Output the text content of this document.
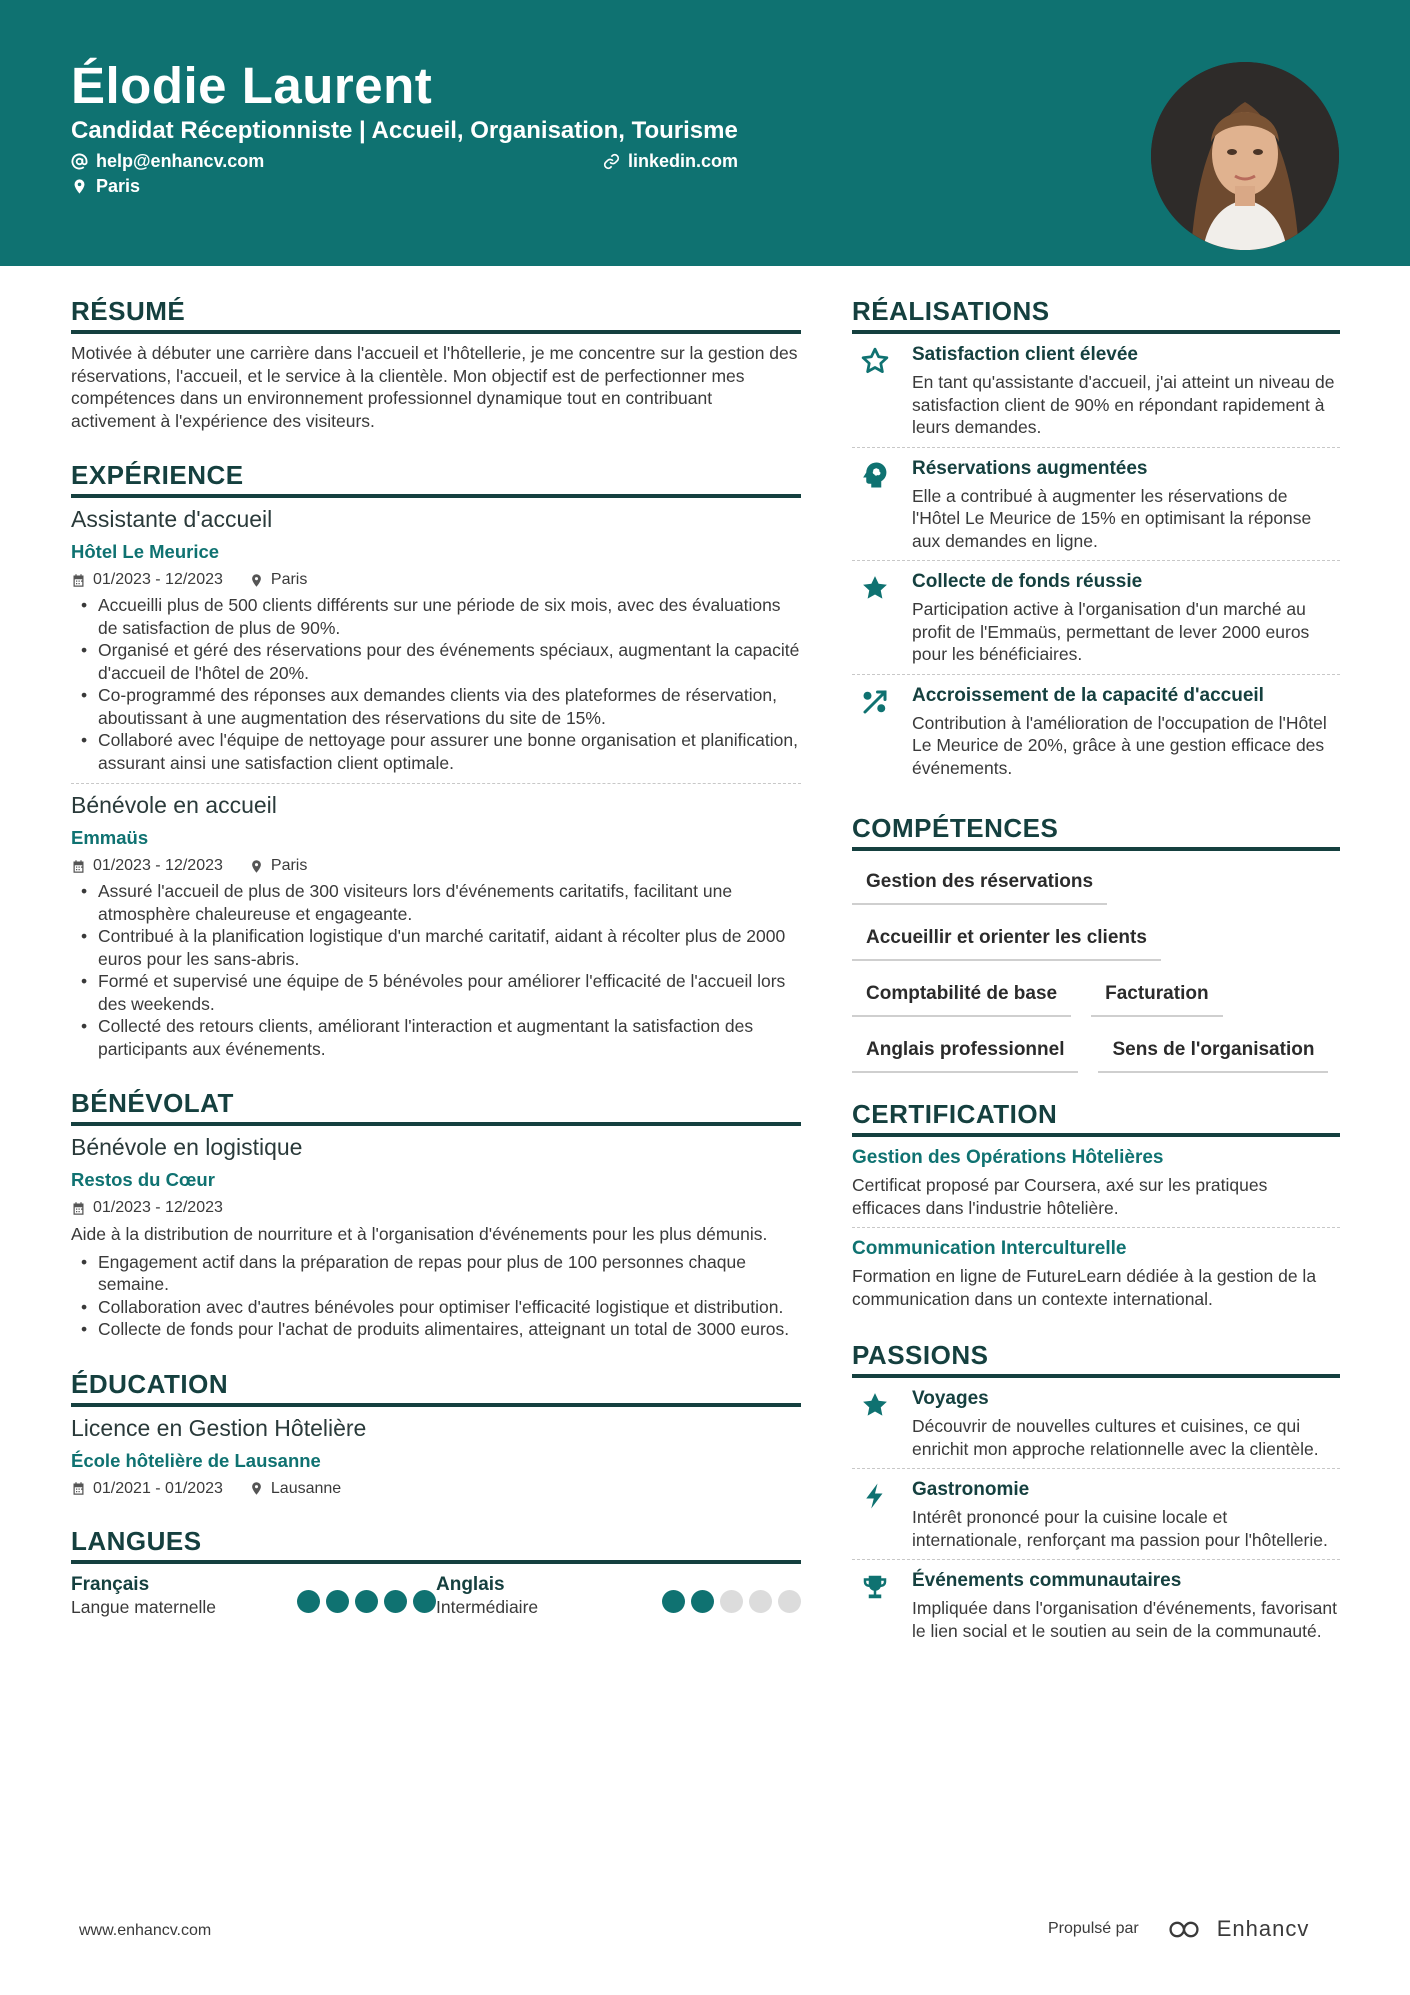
Élodie Laurent
Candidat Réceptionniste | Accueil, Organisation, Tourisme
help@enhancv.com	linkedin.com
Paris
RÉSUMÉ
Motivée à débuter une carrière dans l'accueil et l'hôtellerie, je me concentre sur la gestion des réservations, l'accueil, et le service à la clientèle. Mon objectif est de perfectionner mes compétences dans un environnement professionnel dynamique tout en contribuant activement à l'expérience des visiteurs.
EXPÉRIENCE
Assistante d'accueil
Hôtel Le Meurice
01/2023 - 12/2023	Paris
• Accueilli plus de 500 clients différents sur une période de six mois, avec des évaluations de satisfaction de plus de 90%.
• Organisé et géré des réservations pour des événements spéciaux, augmentant la capacité d'accueil de l'hôtel de 20%.
• Co-programmé des réponses aux demandes clients via des plateformes de réservation, aboutissant à une augmentation des réservations du site de 15%.
• Collaboré avec l'équipe de nettoyage pour assurer une bonne organisation et planification, assurant ainsi une satisfaction client optimale.
Bénévole en accueil
Emmaüs
01/2023 - 12/2023	Paris
• Assuré l'accueil de plus de 300 visiteurs lors d'événements caritatifs, facilitant une atmosphère chaleureuse et engageante.
• Contribué à la planification logistique d'un marché caritatif, aidant à récolter plus de 2000 euros pour les sans-abris.
• Formé et supervisé une équipe de 5 bénévoles pour améliorer l'efficacité de l'accueil lors des weekends.
• Collecté des retours clients, améliorant l'interaction et augmentant la satisfaction des participants aux événements.
BÉNÉVOLAT
Bénévole en logistique
Restos du Cœur
01/2023 - 12/2023
Aide à la distribution de nourriture et à l'organisation d'événements pour les plus démunis.
• Engagement actif dans la préparation de repas pour plus de 100 personnes chaque semaine.
• Collaboration avec d'autres bénévoles pour optimiser l'efficacité logistique et distribution.
• Collecte de fonds pour l'achat de produits alimentaires, atteignant un total de 3000 euros.
ÉDUCATION
Licence en Gestion Hôtelière
École hôtelière de Lausanne
01/2021 - 01/2023	Lausanne
LANGUES
Français
Langue maternelle
Anglais
Intermédiaire
RÉALISATIONS
Satisfaction client élevée
En tant qu'assistante d'accueil, j'ai atteint un niveau de satisfaction client de 90% en répondant rapidement à leurs demandes.
Réservations augmentées
Elle a contribué à augmenter les réservations de l'Hôtel Le Meurice de 15% en optimisant la réponse aux demandes en ligne.
Collecte de fonds réussie
Participation active à l'organisation d'un marché au profit de l'Emmaüs, permettant de lever 2000 euros pour les bénéficiaires.
Accroissement de la capacité d'accueil
Contribution à l'amélioration de l'occupation de l'Hôtel Le Meurice de 20%, grâce à une gestion efficace des événements.
COMPÉTENCES
Gestion des réservations
Accueillir et orienter les clients
Comptabilité de base	Facturation
Anglais professionnel	Sens de l'organisation
CERTIFICATION
Gestion des Opérations Hôtelières
Certificat proposé par Coursera, axé sur les pratiques efficaces dans l'industrie hôtelière.
Communication Interculturelle
Formation en ligne de FutureLearn dédiée à la gestion de la communication dans un contexte international.
PASSIONS
Voyages
Découvrir de nouvelles cultures et cuisines, ce qui enrichit mon approche relationnelle avec la clientèle.
Gastronomie
Intérêt prononcé pour la cuisine locale et internationale, renforçant ma passion pour l'hôtellerie.
Événements communautaires
Impliquée dans l'organisation d'événements, favorisant le lien social et le soutien au sein de la communauté.
www.enhancv.com	Propulsé par	Enhancv
